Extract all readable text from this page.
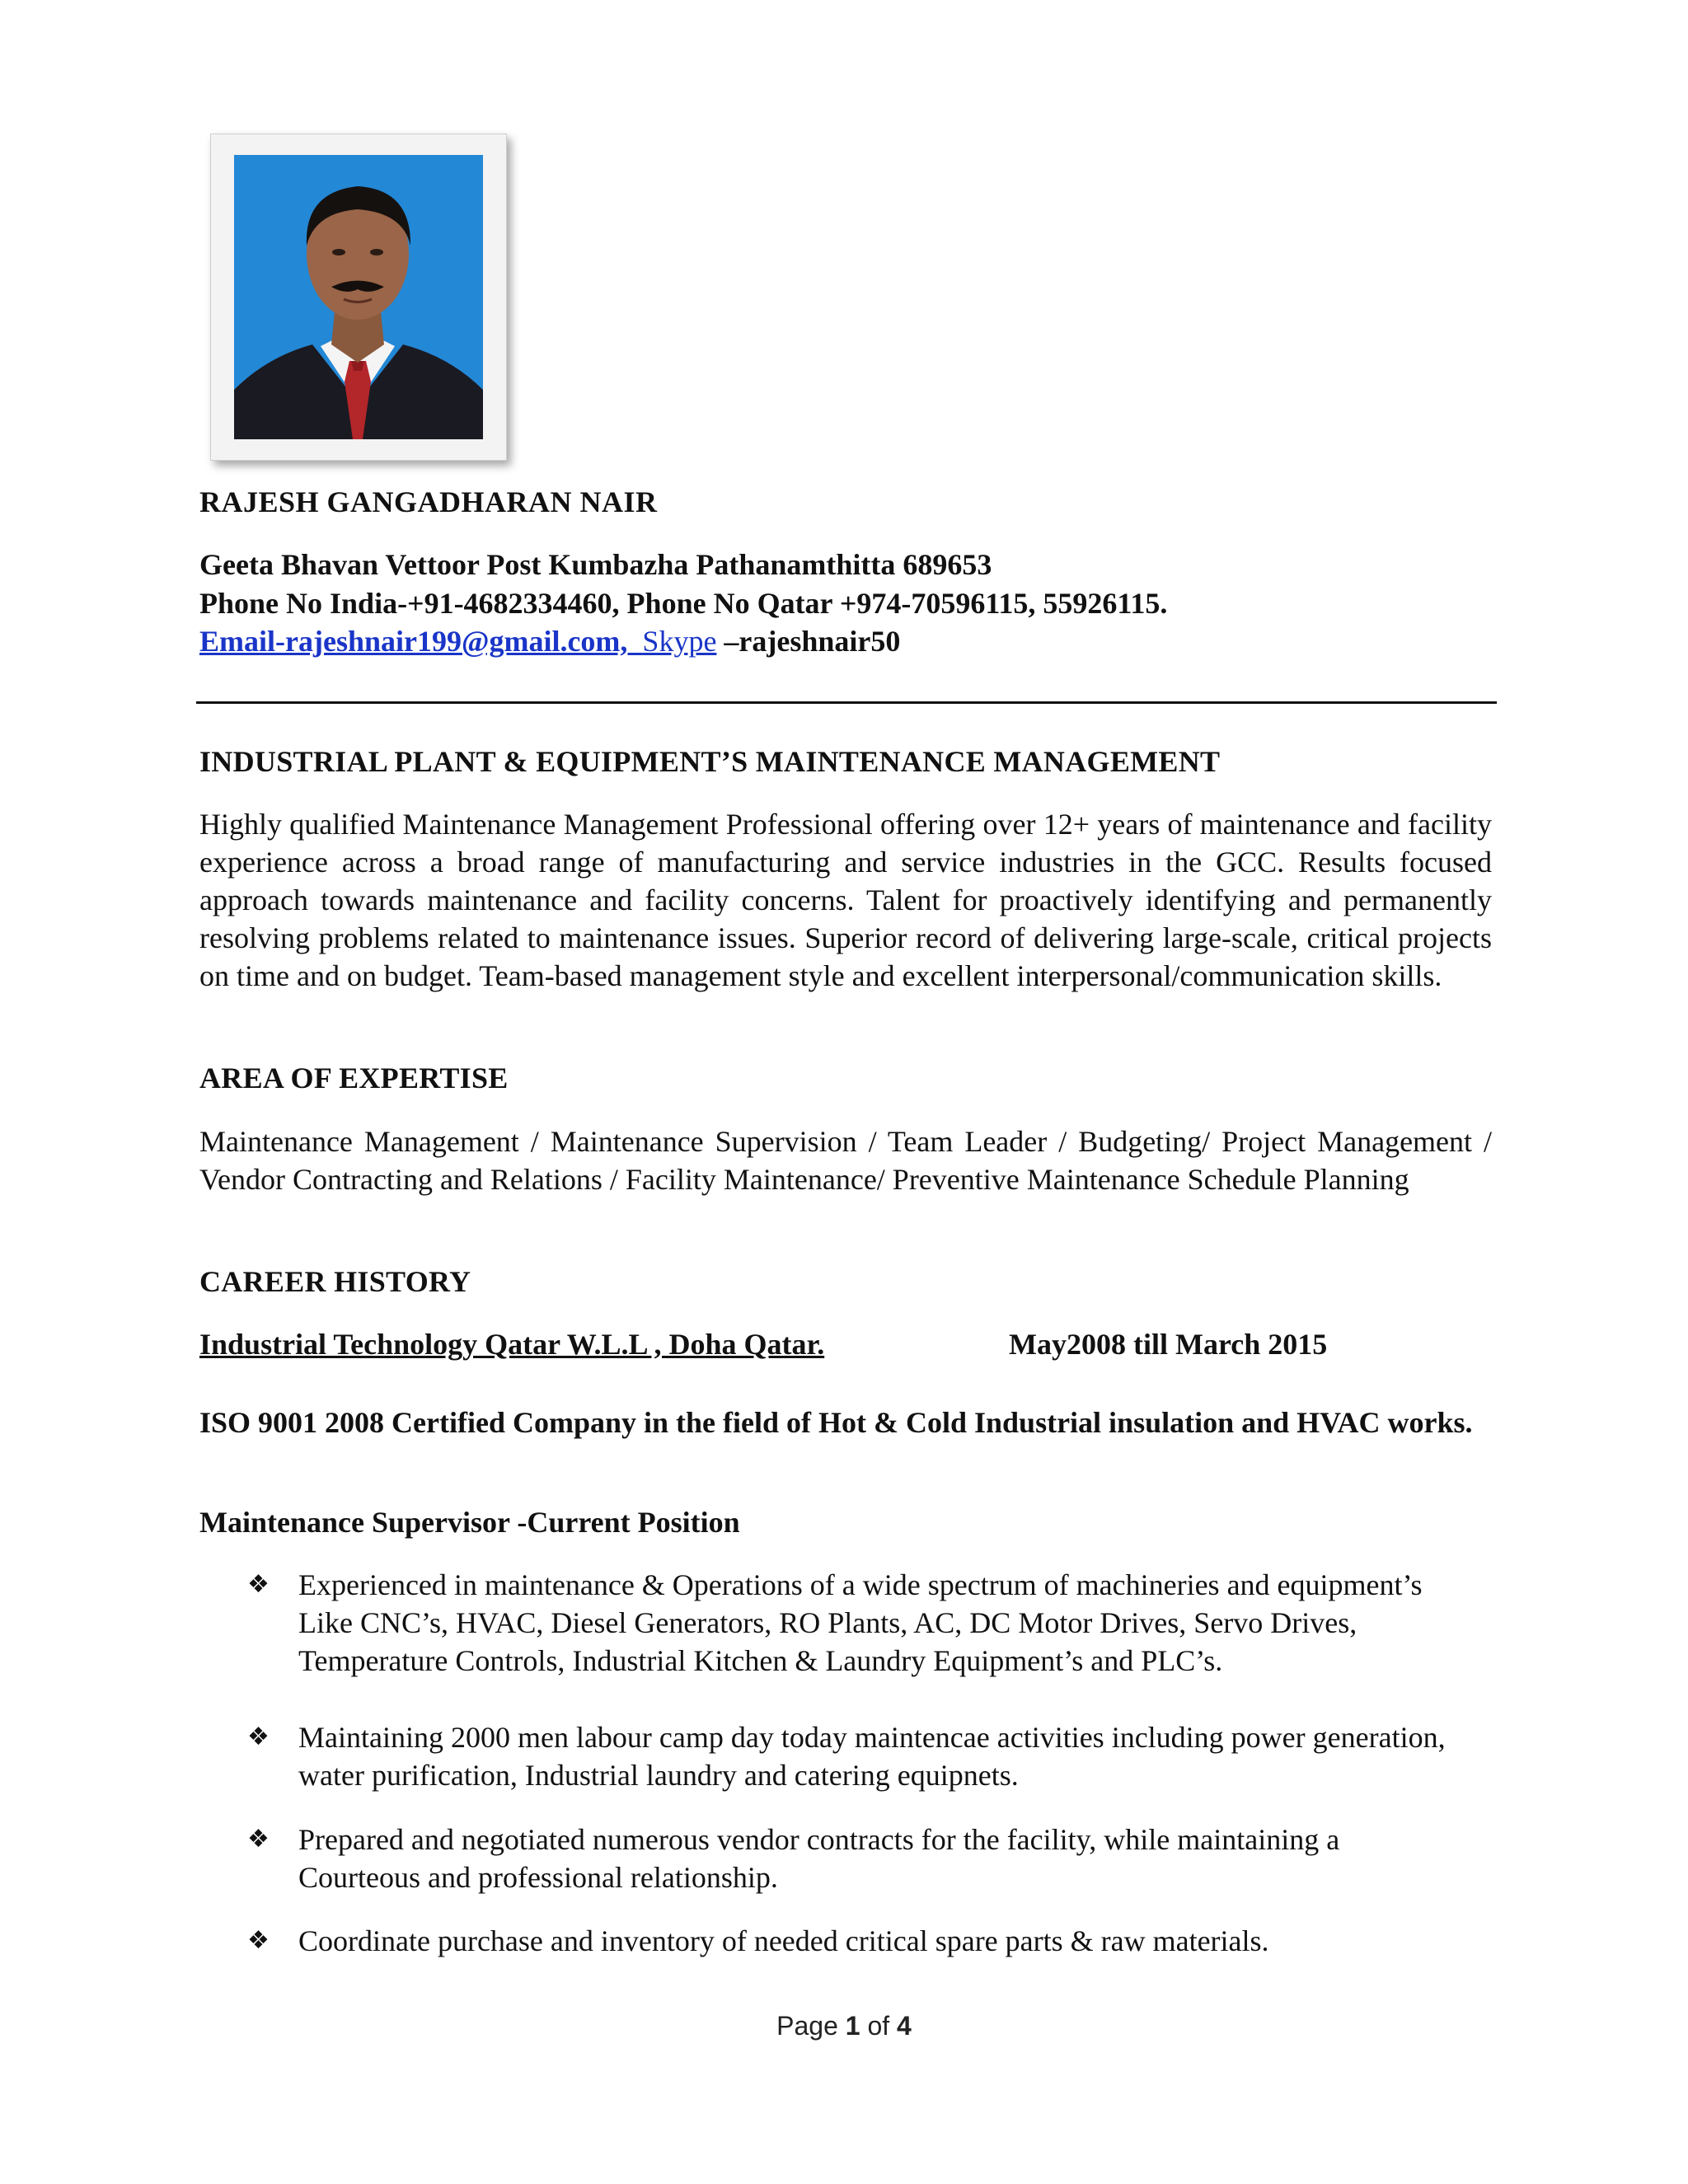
RAJESH GANGADHARAN NAIR
Geeta Bhavan Vettoor Post Kumbazha Pathanamthitta 689653
Phone No India-+91-4682334460, Phone No Qatar +974-70596115, 55926115.
Email-rajeshnair199@gmail.com, Skype –rajeshnair50
INDUSTRIAL PLANT & EQUIPMENT’S MAINTENANCE MANAGEMENT
Highly qualified Maintenance Management Professional offering over 12+ years of maintenance and facility experience across a broad range of manufacturing and service industries in the GCC. Results focused approach towards maintenance and facility concerns. Talent for proactively identifying and permanently resolving problems related to maintenance issues. Superior record of delivering large-scale, critical projects on time and on budget. Team-based management style and excellent interpersonal/communication skills.
AREA OF EXPERTISE
Maintenance Management / Maintenance Supervision / Team Leader / Budgeting/ Project Management / Vendor Contracting and Relations / Facility Maintenance/ Preventive Maintenance Schedule Planning
CAREER HISTORY
Industrial Technology Qatar W.L.L , Doha Qatar.	May2008 till March 2015
ISO 9001 2008 Certified Company in the field of Hot & Cold Industrial insulation and HVAC works.
Maintenance Supervisor -Current Position
❖ Experienced in maintenance & Operations of a wide spectrum of machineries and equipment’s Like CNC’s, HVAC, Diesel Generators, RO Plants, AC, DC Motor Drives, Servo Drives, Temperature Controls, Industrial Kitchen & Laundry Equipment’s and PLC’s.
❖ Maintaining 2000 men labour camp day today maintencae activities including power generation, water purification, Industrial laundry and catering equipnets.
❖ Prepared and negotiated numerous vendor contracts for the facility, while maintaining a Courteous and professional relationship.
❖ Coordinate purchase and inventory of needed critical spare parts & raw materials.
Page 1 of 4
